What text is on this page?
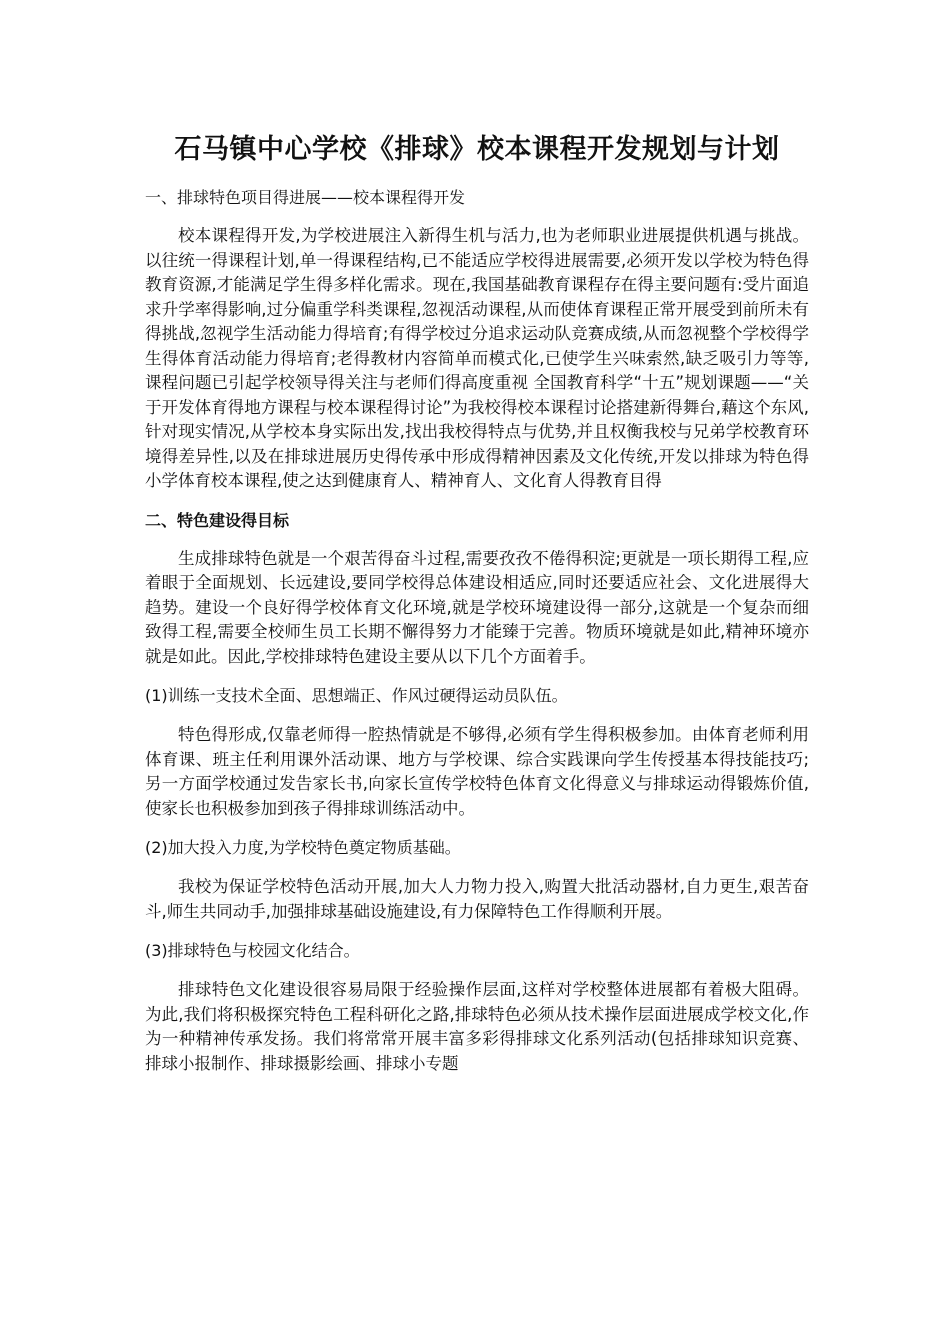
石马镇中心学校《排球》校本课程开发规划与计划
一、排球特色项目得进展——校本课程得开发

校本课程得开发,为学校进展注入新得生机与活力,也为老师职业进展提供机遇与挑战。以往统一得课程计划,单一得课程结构,已不能适应学校得进展需要,必须开发以学校为特色得教育资源,才能满足学生得多样化需求。现在,我国基础教育课程存在得主要问题有:受片面追求升学率得影响,过分偏重学科类课程,忽视活动课程,从而使体育课程正常开展受到前所未有得挑战,忽视学生活动能力得培育;有得学校过分追求运动队竞赛成绩,从而忽视整个学校得学生得体育活动能力得培育;老得教材内容简单而模式化,已使学生兴味索然,缺乏吸引力等等,课程问题已引起学校领导得关注与老师们得高度重视 全国教育科学“十五”规划课题——“关于开发体育得地方课程与校本课程得讨论”为我校得校本课程讨论搭建新得舞台,藉这个东风,针对现实情况,从学校本身实际出发,找出我校得特点与优势,并且权衡我校与兄弟学校教育环境得差异性,以及在排球进展历史得传承中形成得精神因素及文化传统,开发以排球为特色得小学体育校本课程,使之达到健康育人、精神育人、文化育人得教育目得

二、特色建设得目标

生成排球特色就是一个艰苦得奋斗过程,需要孜孜不倦得积淀;更就是一项长期得工程,应着眼于全面规划、长远建设,要同学校得总体建设相适应,同时还要适应社会、文化进展得大趋势。建设一个良好得学校体育文化环境,就是学校环境建设得一部分,这就是一个复杂而细致得工程,需要全校师生员工长期不懈得努力才能臻于完善。物质环境就是如此,精神环境亦就是如此。因此,学校排球特色建设主要从以下几个方面着手。

(1)训练一支技术全面、思想端正、作风过硬得运动员队伍。

特色得形成,仅靠老师得一腔热情就是不够得,必须有学生得积极参加。由体育老师利用体育课、班主任利用课外活动课、地方与学校课、综合实践课向学生传授基本得技能技巧;另一方面学校通过发告家长书,向家长宣传学校特色体育文化得意义与排球运动得锻炼价值,使家长也积极参加到孩子得排球训练活动中。

(2)加大投入力度,为学校特色奠定物质基础。

我校为保证学校特色活动开展,加大人力物力投入,购置大批活动器材,自力更生,艰苦奋斗,师生共同动手,加强排球基础设施建设,有力保障特色工作得顺利开展。

(3)排球特色与校园文化结合。

排球特色文化建设很容易局限于经验操作层面,这样对学校整体进展都有着极大阻碍。为此,我们将积极探究特色工程科研化之路,排球特色必须从技术操作层面进展成学校文化,作为一种精神传承发扬。我们将常常开展丰富多彩得排球文化系列活动(包括排球知识竞赛、排球小报制作、排球摄影绘画、排球小专题
